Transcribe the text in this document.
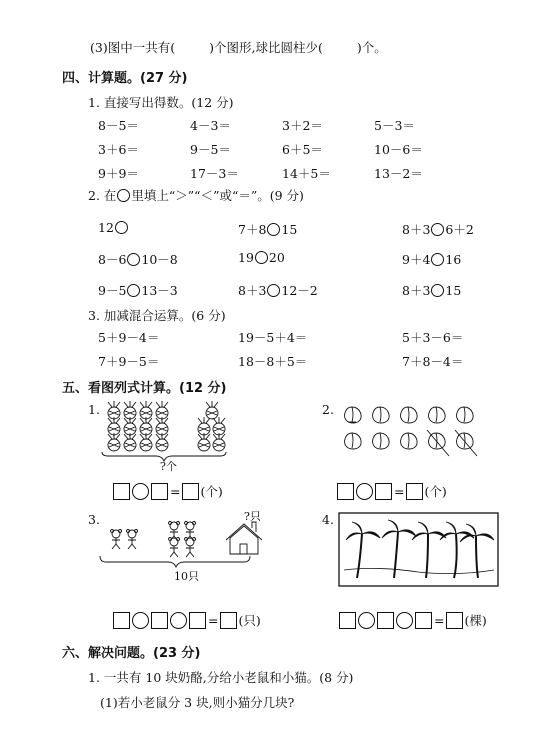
(3)图中一共有(	)个图形,球比圆柱少(	)个。
四、计算题。(27 分)
1. 直接写出得数。(12 分)
8－5＝	4－3＝	3＋2＝	5－3＝
3＋6＝	9－5＝	6＋5＝	10－6＝
9＋9＝	17－3＝	14＋5＝	13－2＝
2. 在 里填上“＞”“＜”或“＝”。(9 分)
12	7＋8 15	8＋3 6＋2
8－6 10－8	19 20	9＋4 16
9－5 13－3	8＋3 12－2	8＋3 15
3. 加减混合运算。(6 分)
5＋9－4＝	19－5＋4＝	5＋3－6＝
7＋9－5＝	18－8＋5＝	7＋8－4＝
五、看图列式计算。(12 分)
1.
?个
= (个)
2.
= (个)
3.	?只
10只
= (只)
4.
= (棵)
六、解决问题。(23 分)
1. 一共有 10 块奶酪,分给小老鼠和小猫。(8 分)
(1)若小老鼠分 3 块,则小猫分几块?
